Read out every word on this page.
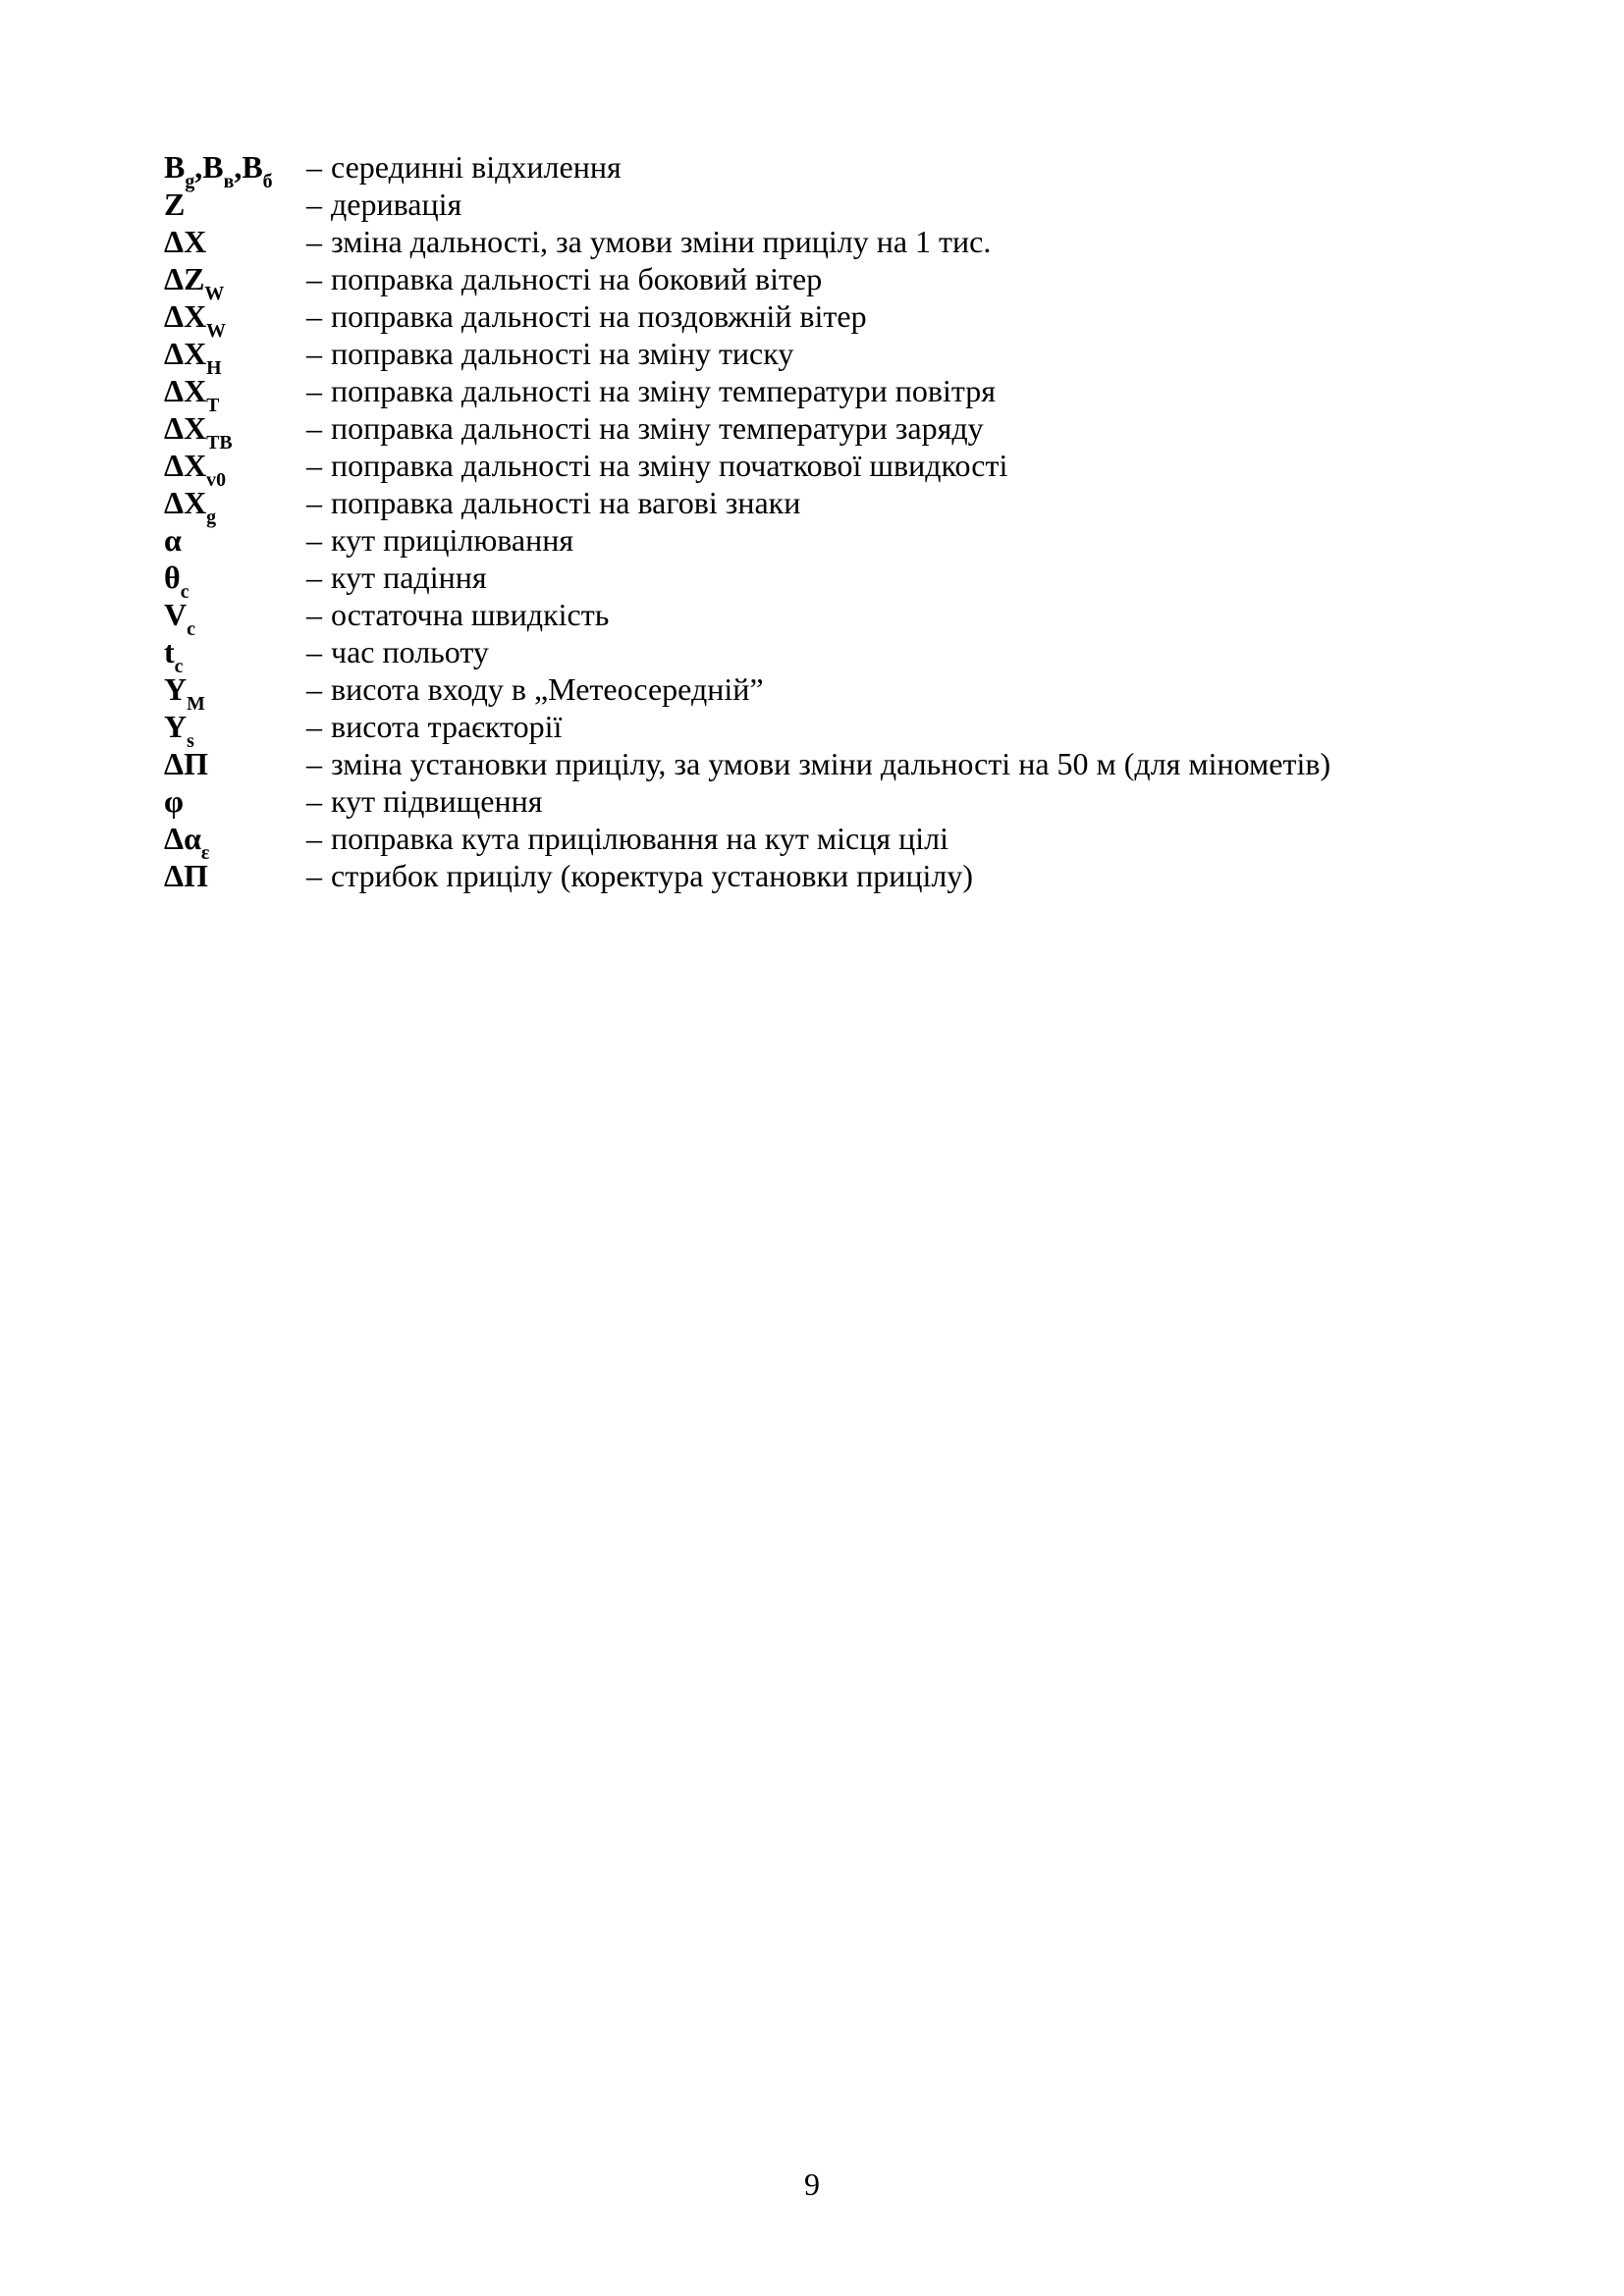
$B_g,B_в,B_б$	– серединні відхилення
Z	– деривація
ΔX	– зміна дальності, за умови зміни прицілу на 1 тис.
$\Delta Z_W$	– поправка дальності на боковий вітер
$\Delta X_W$	– поправка дальності на поздовжній вітер
$\Delta X_Н$	– поправка дальності на зміну тиску
$\Delta X_Т$	– поправка дальності на зміну температури повітря
$\Delta X_{ТВ}$	– поправка дальності на зміну температури заряду
$\Delta X_{v0}$	– поправка дальності на зміну початкової швидкості
$\Delta X_g$	– поправка дальності на вагові знаки
α	– кут прицілювання
$\theta_с$	– кут падіння
$V_с$	– остаточна швидкість
$t_с$	– час польоту
$Y_М$	– висота входу в „Метеосередній”
$Y_s$	– висота траєкторії
ΔП	– зміна установки прицілу, за умови зміни дальності на 50 м (для мінометів)
φ	– кут підвищення
$\Delta\alpha_\varepsilon$	– поправка кута прицілювання на кут місця цілі
ΔП	– стрибок прицілу (коректура установки прицілу)
9
